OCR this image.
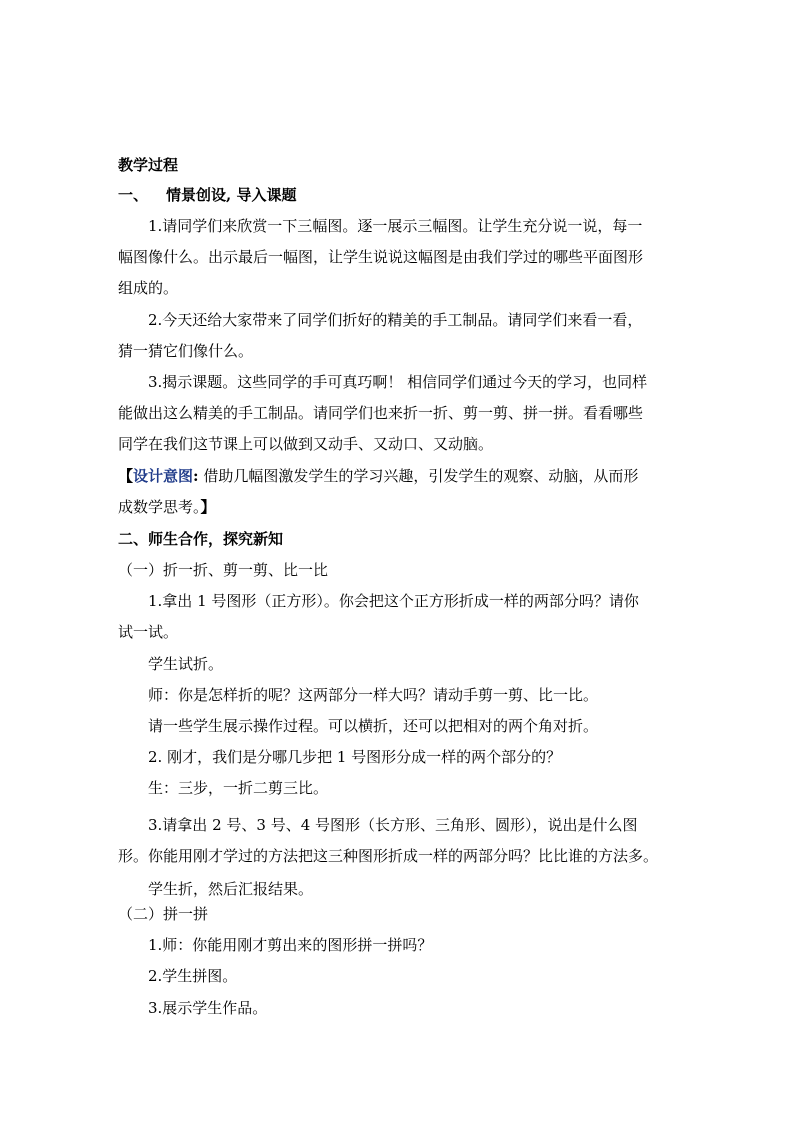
教学过程
一、 情景创设, 导入课题
1.请同学们来欣赏一下三幅图。逐一展示三幅图。让学生充分说一说，每一
幅图像什么。出示最后一幅图，让学生说说这幅图是由我们学过的哪些平面图形
组成的。
2.今天还给大家带来了同学们折好的精美的手工制品。请同学们来看一看，
猜一猜它们像什么。
3.揭示课题。这些同学的手可真巧啊！ 相信同学们通过今天的学习，也同样
能做出这么精美的手工制品。请同学们也来折一折、剪一剪、拼一拼。看看哪些
同学在我们这节课上可以做到又动手、又动口、又动脑。
【设计意图: 借助几幅图激发学生的学习兴趣，引发学生的观察、动脑，从而形
成数学思考。】
二、师生合作，探究新知
（一）折一折、剪一剪、比一比
1.拿出 1 号图形（正方形）。你会把这个正方形折成一样的两部分吗？请你
试一试。
学生试折。
师：你是怎样折的呢？这两部分一样大吗？请动手剪一剪、比一比。
请一些学生展示操作过程。可以横折，还可以把相对的两个角对折。
2. 刚才，我们是分哪几步把 1 号图形分成一样的两个部分的？
生：三步，一折二剪三比。
3.请拿出 2 号、3 号、4 号图形（长方形、三角形、圆形），说出是什么图
形。你能用刚才学过的方法把这三种图形折成一样的两部分吗？比比谁的方法多。
学生折，然后汇报结果。
（二）拼一拼
1.师：你能用刚才剪出来的图形拼一拼吗？
2.学生拼图。
3.展示学生作品。
